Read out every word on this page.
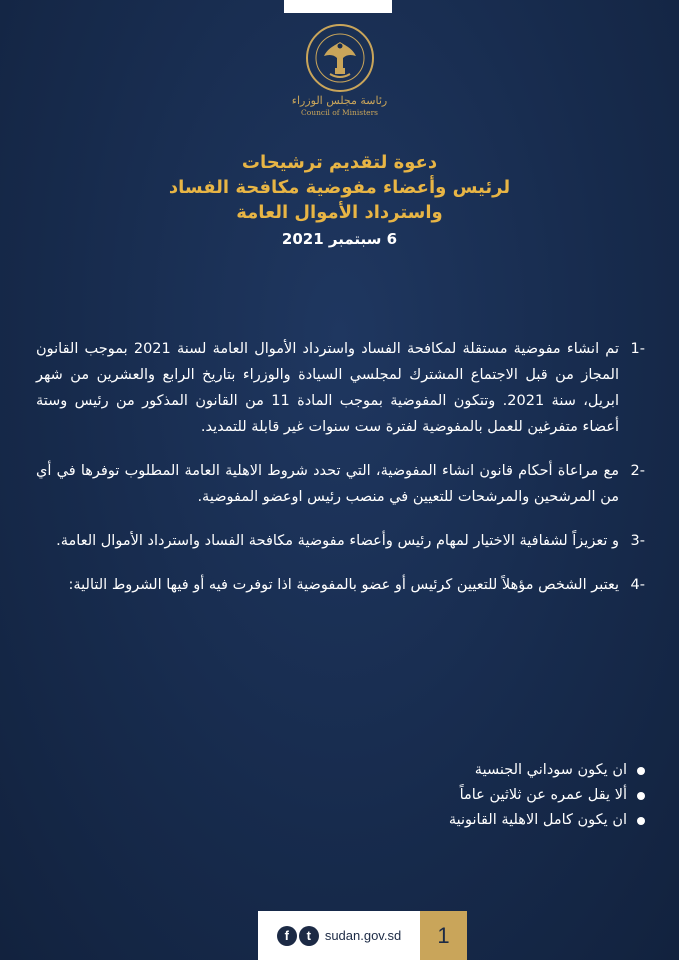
رئاسة مجلس الوزراء
Council of Ministers
دعوة لتقديم ترشيحات
لرئيس وأعضاء مفوضية مكافحة الفساد
واسترداد الأموال العامة
6 سبتمبر 2021
-1
تم انشاء مفوضية مستقلة لمكافحة الفساد واسترداد الأموال العامة لسنة 2021 بموجب القانون المجاز من قبل الاجتماع المشترك لمجلسي السيادة والوزراء بتاريخ الرابع والعشرين من شهر ابريل، سنة 2021. وتتكون المفوضية بموجب المادة 11 من القانون المذكور من رئيس وستة أعضاء متفرغين للعمل بالمفوضية لفترة ست سنوات غير قابلة للتمديد.
-2
مع مراعاة أحكام قانون انشاء المفوضية، التي تحدد شروط الاهلية العامة المطلوب توفرها في أي من المرشحين والمرشحات للتعيين في منصب رئيس اوعضو المفوضية.
-3
و تعزيزاً لشفافية الاختيار لمهام رئيس وأعضاء مفوضية مكافحة الفساد واسترداد الأموال العامة.
-4
يعتبر الشخص مؤهلاً للتعيين كرئيس أو عضو بالمفوضية اذا توفرت فيه أو فيها الشروط التالية:
ان يكون سوداني الجنسية
ألا يقل عمره عن ثلاثين عاماً
ان يكون كامل الاهلية القانونية
f	t	sudan.gov.sd	1
